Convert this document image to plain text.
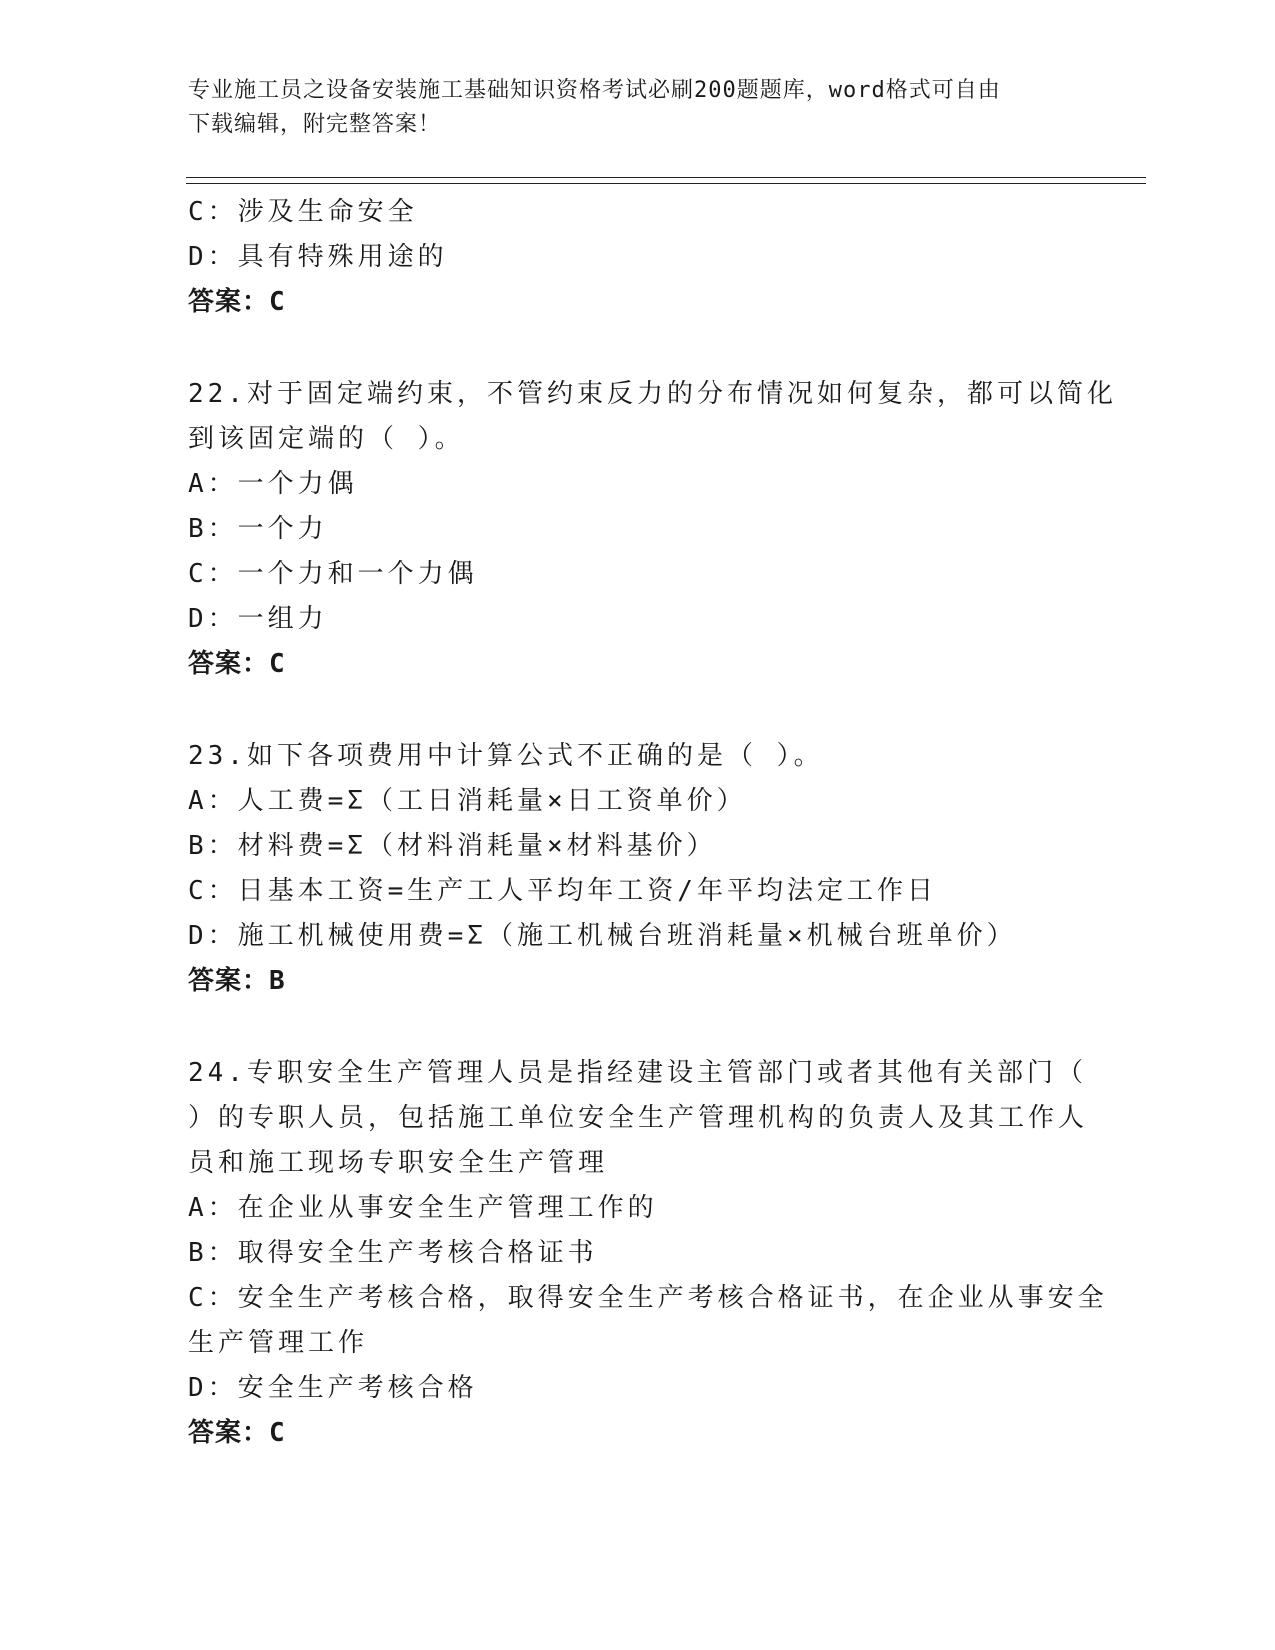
专业施工员之设备安装施工基础知识资格考试必刷200题题库，word格式可自由
下载编辑，附完整答案！
C：涉及生命安全
D：具有特殊用途的
答案：C
22.对于固定端约束，不管约束反力的分布情况如何复杂，都可以简化
到该固定端的（ ）。
A：一个力偶
B：一个力
C：一个力和一个力偶
D：一组力
答案：C
23.如下各项费用中计算公式不正确的是（ ）。
A：人工费=Σ（工日消耗量×日工资单价）
B：材料费=Σ（材料消耗量×材料基价）
C：日基本工资=生产工人平均年工资/年平均法定工作日
D：施工机械使用费=Σ（施工机械台班消耗量×机械台班单价）
答案：B
24.专职安全生产管理人员是指经建设主管部门或者其他有关部门（
）的专职人员，包括施工单位安全生产管理机构的负责人及其工作人
员和施工现场专职安全生产管理
A：在企业从事安全生产管理工作的
B：取得安全生产考核合格证书
C：安全生产考核合格，取得安全生产考核合格证书，在企业从事安全
生产管理工作
D：安全生产考核合格
答案：C
